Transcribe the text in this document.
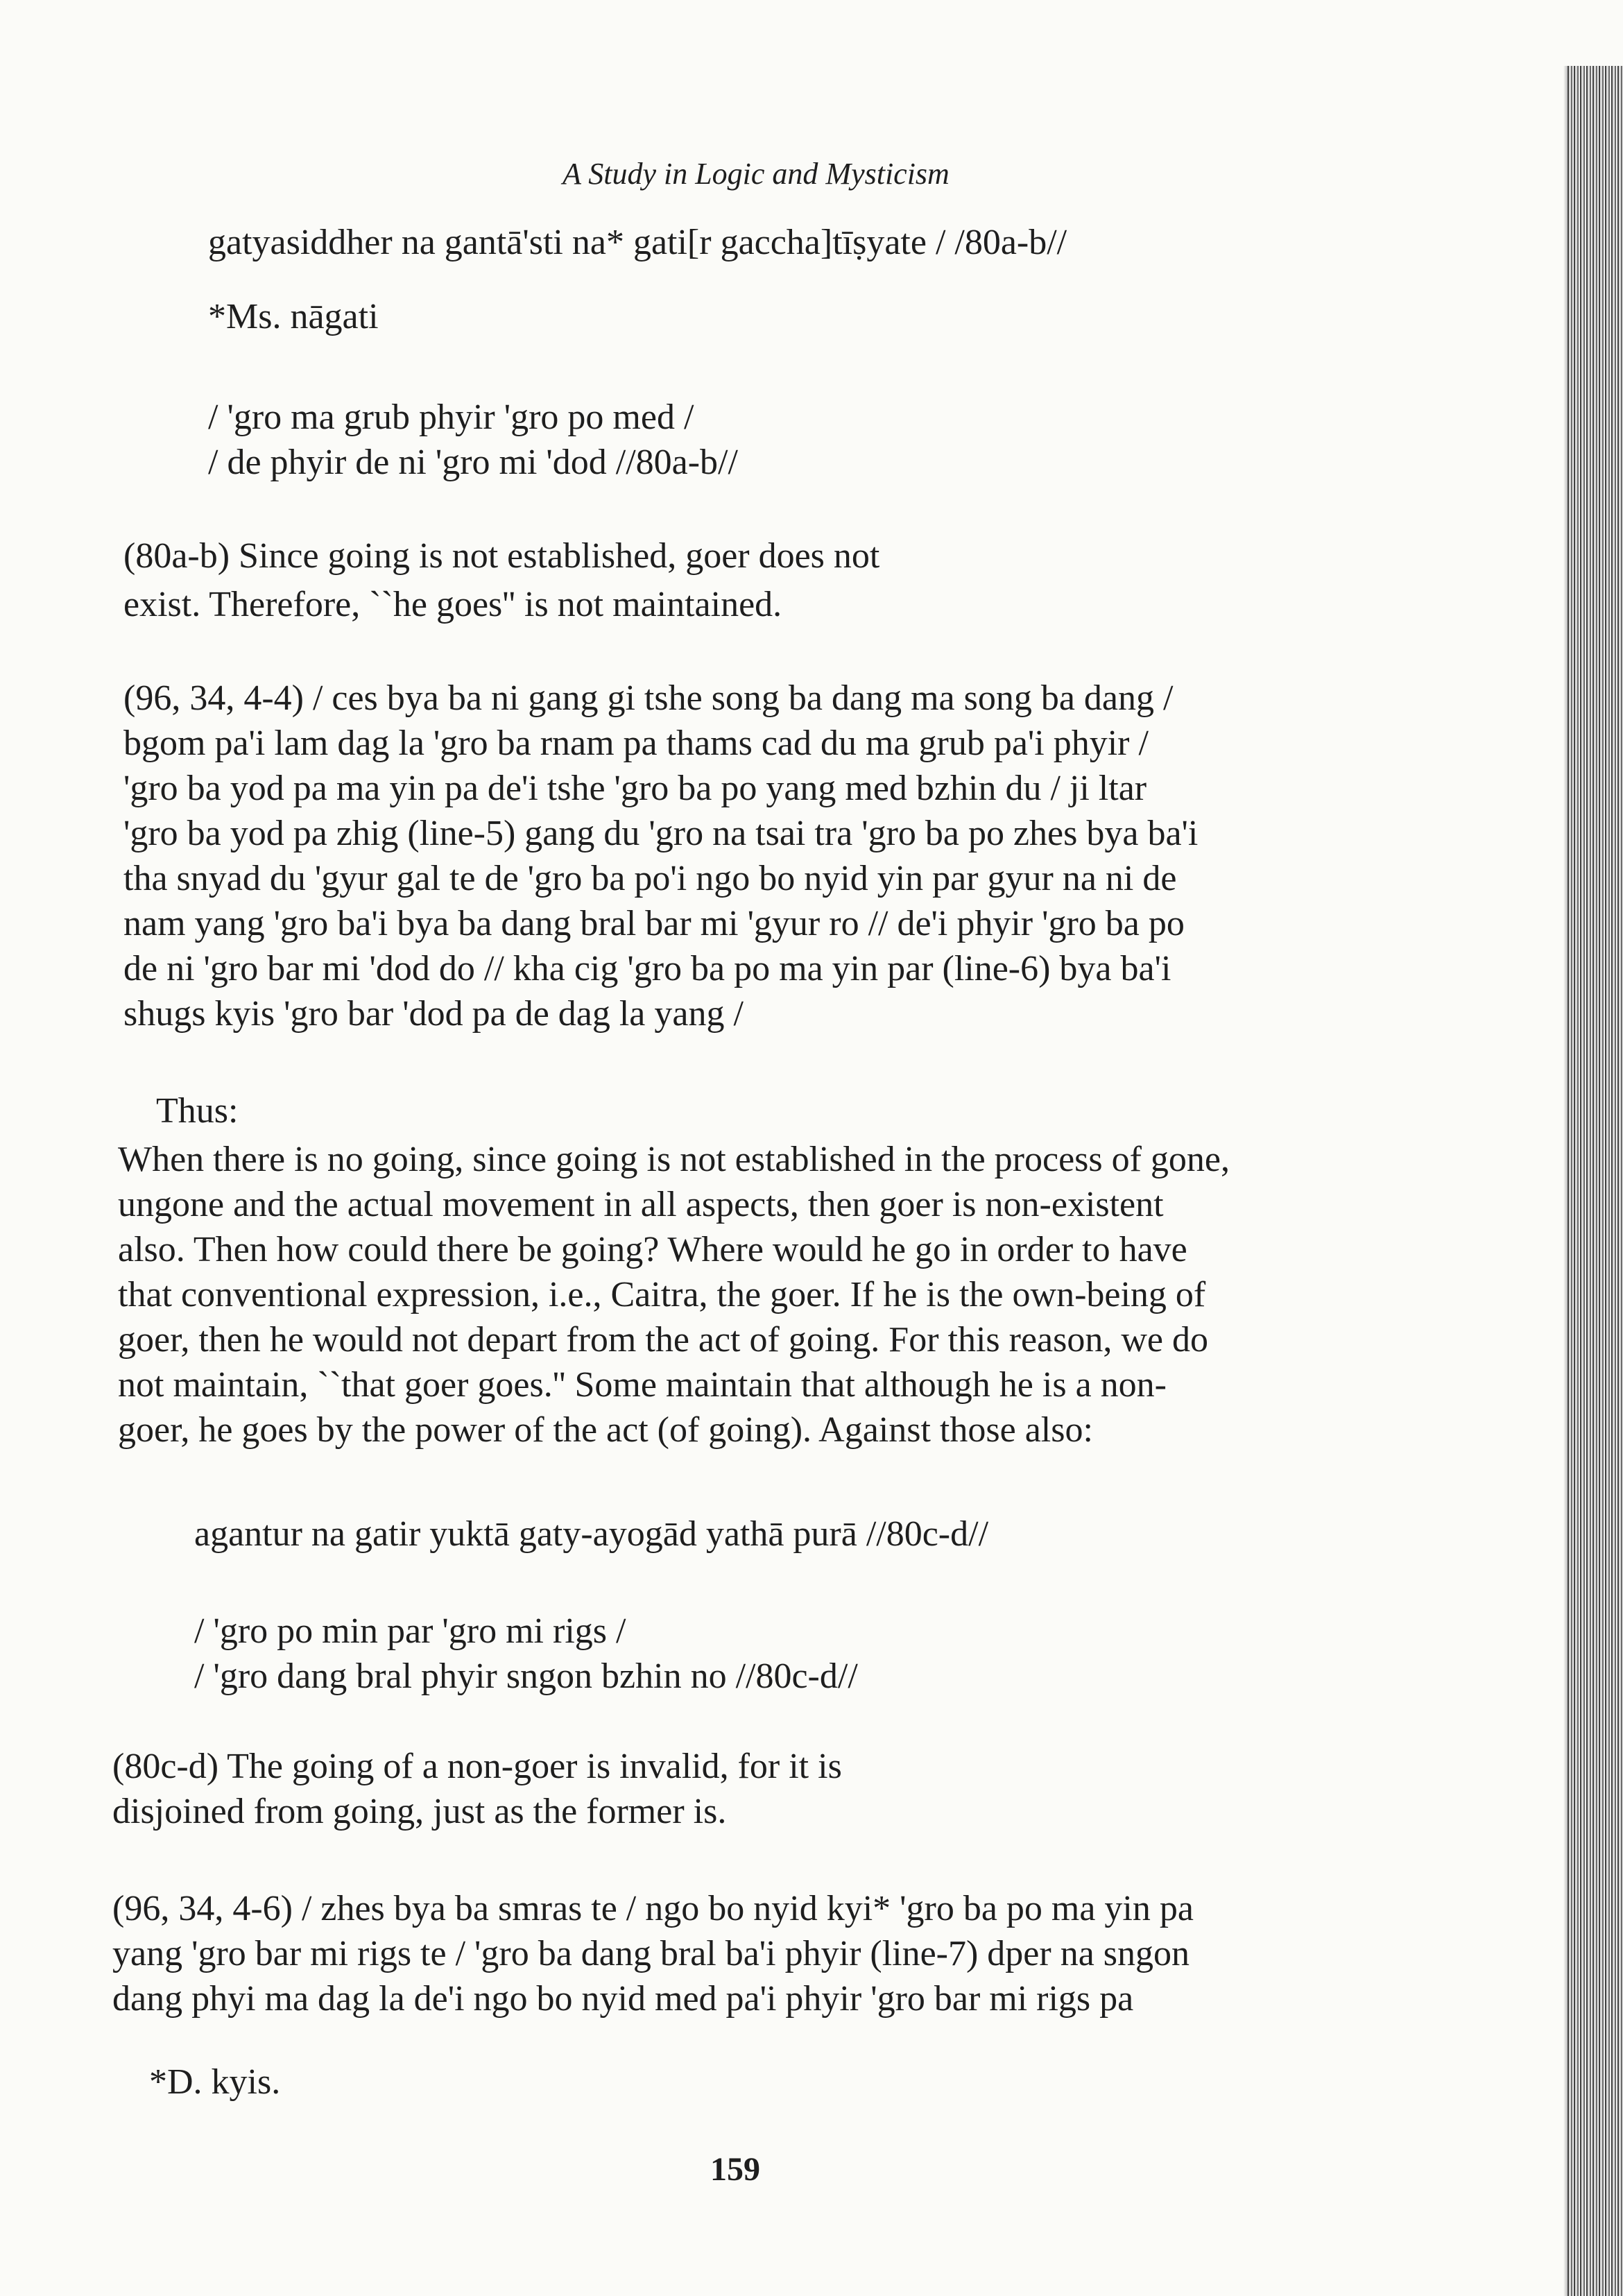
A Study in Logic and Mysticism
gatyasiddher na gantā'sti na* gati[r gaccha]tīṣyate / /80a-b//
*Ms. nāgati
/ 'gro ma grub phyir 'gro po med /
/ de phyir de ni 'gro mi 'dod //80a-b//
(80a-b) Since going is not established, goer does not
exist. Therefore, ``he goes'' is not maintained.
(96, 34, 4-4) / ces bya ba ni gang gi tshe song ba dang ma song ba dang /
bgom pa'i lam dag la 'gro ba rnam pa thams cad du ma grub pa'i phyir /
'gro ba yod pa ma yin pa de'i tshe 'gro ba po yang med bzhin du / ji ltar
'gro ba yod pa zhig (line-5) gang du 'gro na tsai tra 'gro ba po zhes bya ba'i
tha snyad du 'gyur gal te de 'gro ba po'i ngo bo nyid yin par gyur na ni de
nam yang 'gro ba'i bya ba dang bral bar mi 'gyur ro // de'i phyir 'gro ba po
de ni 'gro bar mi 'dod do // kha cig 'gro ba po ma yin par (line-6) bya ba'i
shugs kyis 'gro bar 'dod pa de dag la yang /
Thus:
When there is no going, since going is not established in the process of gone,
ungone and the actual movement in all aspects, then goer is non-existent
also. Then how could there be going? Where would he go in order to have
that conventional expression, i.e., Caitra, the goer. If he is the own-being of
goer, then he would not depart from the act of going. For this reason, we do
not maintain, ``that goer goes.'' Some maintain that although he is a non-
goer, he goes by the power of the act (of going). Against those also:
agantur na gatir yuktā gaty-ayogād yathā purā //80c-d//
/ 'gro po min par 'gro mi rigs /
/ 'gro dang bral phyir sngon bzhin no //80c-d//
(80c-d) The going of a non-goer is invalid, for it is
disjoined from going, just as the former is.
(96, 34, 4-6) / zhes bya ba smras te / ngo bo nyid kyi* 'gro ba po ma yin pa
yang 'gro bar mi rigs te / 'gro ba dang bral ba'i phyir (line-7) dper na sngon
dang phyi ma dag la de'i ngo bo nyid med pa'i phyir 'gro bar mi rigs pa
*D. kyis.
159
